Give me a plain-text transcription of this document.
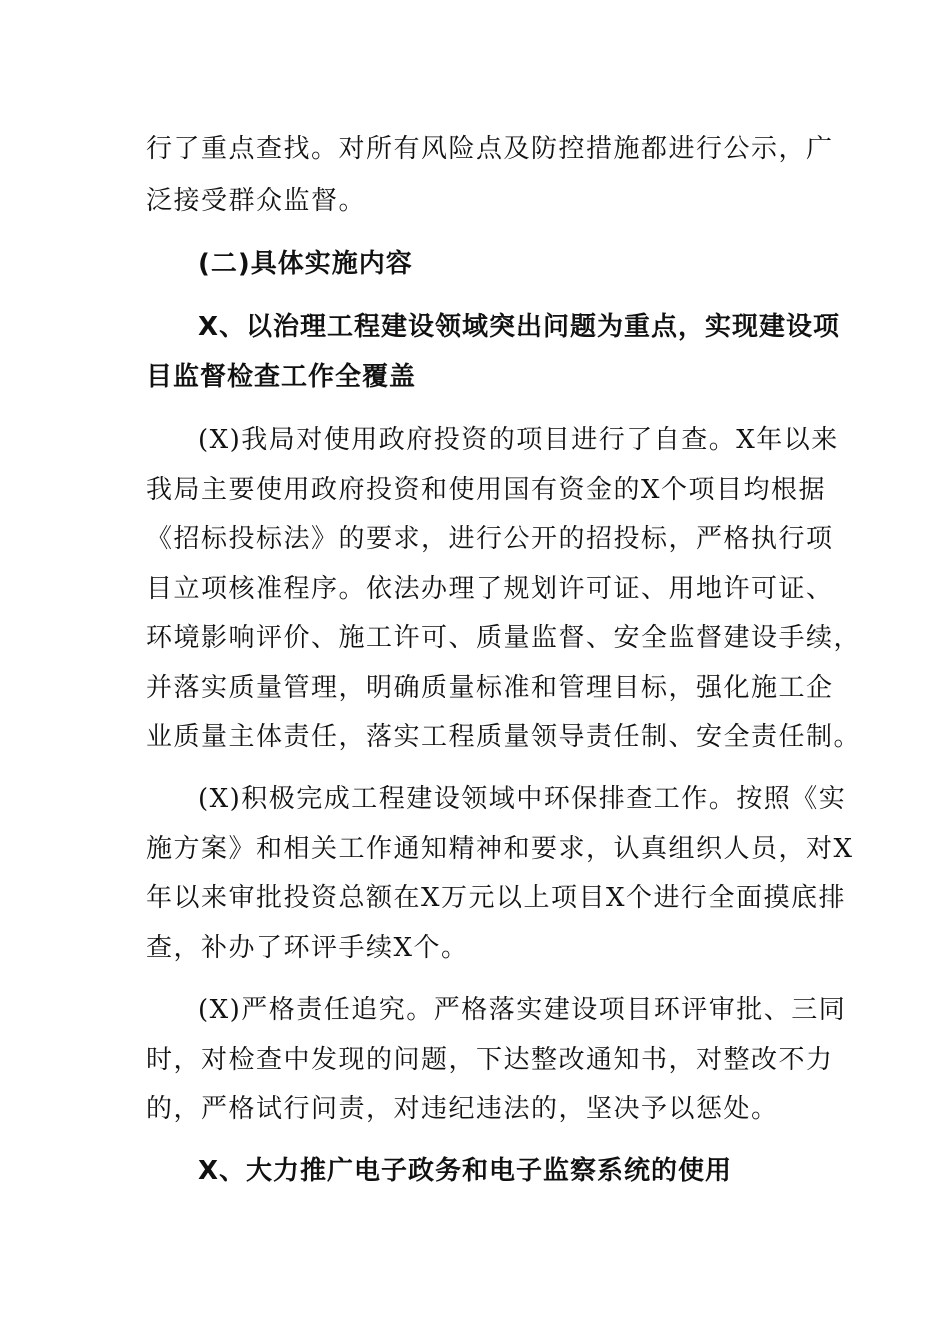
行了重点查找。对所有风险点及防控措施都进行公示，广
泛接受群众监督。
(二)具体实施内容
X、以治理工程建设领域突出问题为重点，实现建设项
目监督检查工作全覆盖
(X)我局对使用政府投资的项目进行了自查。X年以来
我局主要使用政府投资和使用国有资金的X个项目均根据
《招标投标法》的要求，进行公开的招投标，严格执行项
目立项核准程序。依法办理了规划许可证、用地许可证、
环境影响评价、施工许可、质量监督、安全监督建设手续，
并落实质量管理，明确质量标准和管理目标，强化施工企
业质量主体责任，落实工程质量领导责任制、安全责任制。
(X)积极完成工程建设领域中环保排查工作。按照《实
施方案》和相关工作通知精神和要求，认真组织人员，对X
年以来审批投资总额在X万元以上项目X个进行全面摸底排
查，补办了环评手续X个。
(X)严格责任追究。严格落实建设项目环评审批、三同
时，对检查中发现的问题，下达整改通知书，对整改不力
的，严格试行问责，对违纪违法的，坚决予以惩处。
X、大力推广电子政务和电子监察系统的使用
